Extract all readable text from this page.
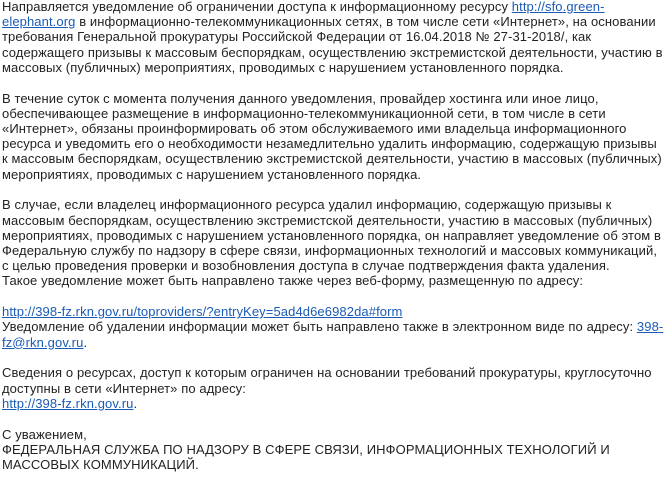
Направляется уведомление об ограничении доступа к информационному ресурсу http://sfo.green-elephant.org в информационно-телекоммуникационных сетях, в том числе сети «Интернет», на основании требования Генеральной прокуратуры Российской Федерации от 16.04.2018 № 27-31-2018/, как содержащего призывы к массовым беспорядкам, осуществлению экстремистской деятельности, участию в массовых (публичных) мероприятиях, проводимых с нарушением установленного порядка.

В течение суток с момента получения данного уведомления, провайдер хостинга или иное лицо, обеспечивающее размещение в информационно-телекоммуникационной сети, в том числе в сети «Интернет», обязаны проинформировать об этом обслуживаемого ими владельца информационного ресурса и уведомить его о необходимости незамедлительно удалить информацию, содержащую призывы к массовым беспорядкам, осуществлению экстремистской деятельности, участию в массовых (публичных) мероприятиях, проводимых с нарушением установленного порядка.

В случае, если владелец информационного ресурса удалил информацию, содержащую призывы к массовым беспорядкам, осуществлению экстремистской деятельности, участию в массовых (публичных) мероприятиях, проводимых с нарушением установленного порядка, он направляет уведомление об этом в Федеральную службу по надзору в сфере связи, информационных технологий и массовых коммуникаций, с целью проведения проверки и возобновления доступа в случае подтверждения факта удаления.

Такое уведомление может быть направлено также через веб-форму, размещенную по адресу:

http://398-fz.rkn.gov.ru/toproviders/?entryKey=5ad4d6e6982da#form

Уведомление об удалении информации может быть направлено также в электронном виде по адресу: 398-fz@rkn.gov.ru.

Сведения о ресурсах, доступ к которым ограничен на основании требований прокуратуры, круглосуточно доступны в сети «Интернет» по адресу:

http://398-fz.rkn.gov.ru.

С уважением,

ФЕДЕРАЛЬНАЯ СЛУЖБА ПО НАДЗОРУ В СФЕРЕ СВЯЗИ, ИНФОРМАЦИОННЫХ ТЕХНОЛОГИЙ И МАССОВЫХ КОММУНИКАЦИЙ.
